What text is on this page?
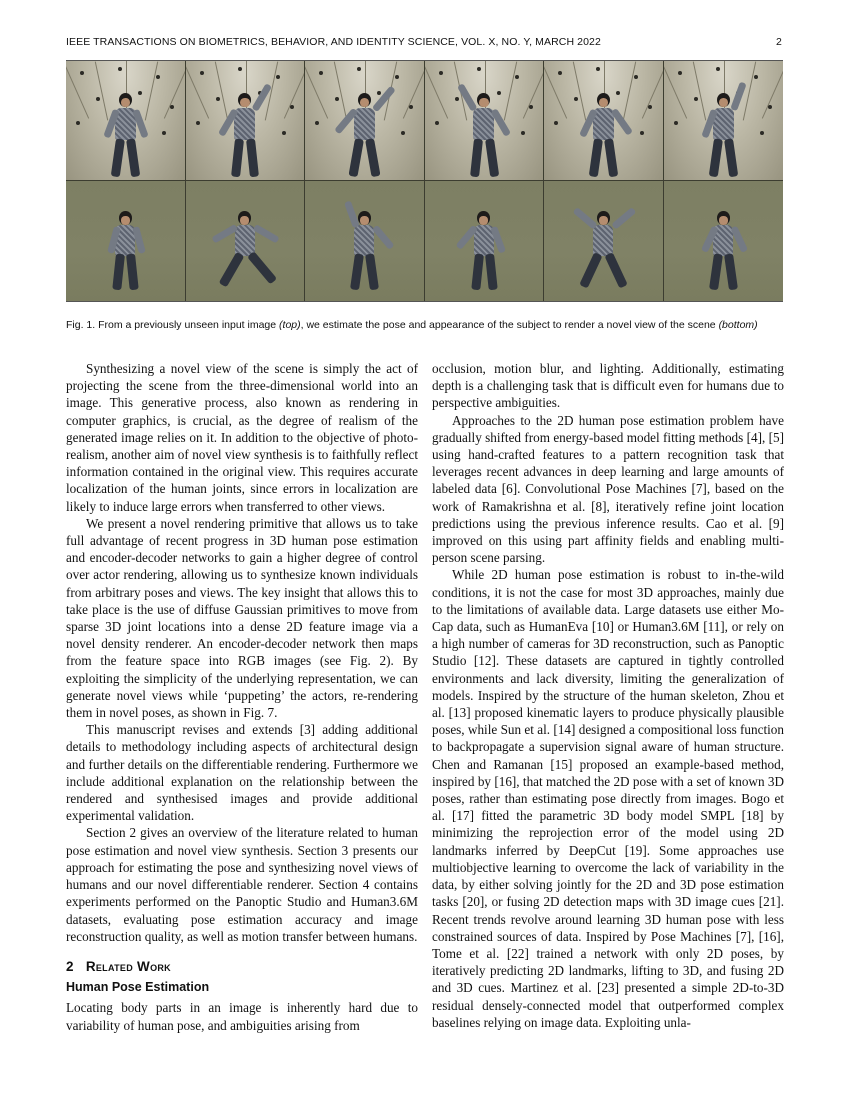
IEEE TRANSACTIONS ON BIOMETRICS, BEHAVIOR, AND IDENTITY SCIENCE, VOL. X, NO. Y, MARCH 2022	2
Fig. 1. From a previously unseen input image (top), we estimate the pose and appearance of the subject to render a novel view of the scene (bottom)

Synthesizing a novel view of the scene is simply the act of projecting the scene from the three-dimensional world into an image. This generative process, also known as rendering in computer graphics, is crucial, as the degree of realism of the generated image relies on it. In addition to the objective of photo-realism, another aim of novel view synthesis is to faithfully reflect information contained in the original view. This requires accurate localization of the human joints, since errors in localization are likely to induce large errors when transferred to other views.

We present a novel rendering primitive that allows us to take full advantage of recent progress in 3D human pose estimation and encoder-decoder networks to gain a higher degree of control over actor rendering, allowing us to synthesize known individuals from arbitrary poses and views. The key insight that allows this to take place is the use of diffuse Gaussian primitives to move from sparse 3D joint locations into a dense 2D feature image via a novel density renderer. An encoder-decoder network then maps from the feature space into RGB images (see Fig. 2). By exploiting the simplicity of the underlying representation, we can generate novel views while ‘puppeting’ the actors, re-rendering them in novel poses, as shown in Fig. 7.

This manuscript revises and extends [3] adding additional details to methodology including aspects of architectural design and further details on the differentiable rendering. Furthermore we include additional explanation on the relationship between the rendered and synthesised images and provide additional experimental validation.

Section 2 gives an overview of the literature related to human pose estimation and novel view synthesis. Section 3 presents our approach for estimating the pose and synthesizing novel views of humans and our novel differentiable renderer. Section 4 contains experiments performed on the Panoptic Studio and Human3.6M datasets, evaluating pose estimation accuracy and image reconstruction quality, as well as motion transfer between humans.

2 Related Work
Human Pose Estimation

Locating body parts in an image is inherently hard due to variability of human pose, and ambiguities arising from

occlusion, motion blur, and lighting. Additionally, estimating depth is a challenging task that is difficult even for humans due to perspective ambiguities.

Approaches to the 2D human pose estimation problem have gradually shifted from energy-based model fitting methods [4], [5] using hand-crafted features to a pattern recognition task that leverages recent advances in deep learning and large amounts of labeled data [6]. Convolutional Pose Machines [7], based on the work of Ramakrishna et al. [8], iteratively refine joint location predictions using the previous inference results. Cao et al. [9] improved on this using part affinity fields and enabling multi-person scene parsing.

While 2D human pose estimation is robust to in-the-wild conditions, it is not the case for most 3D approaches, mainly due to the limitations of available data. Large datasets use either Mo-Cap data, such as HumanEva [10] or Human3.6M [11], or rely on a high number of cameras for 3D reconstruction, such as Panoptic Studio [12]. These datasets are captured in tightly controlled environments and lack diversity, limiting the generalization of models. Inspired by the structure of the human skeleton, Zhou et al. [13] proposed kinematic layers to produce physically plausible poses, while Sun et al. [14] designed a compositional loss function to backpropagate a supervision signal aware of human structure. Chen and Ramanan [15] proposed an example-based method, inspired by [16], that matched the 2D pose with a set of known 3D poses, rather than estimating pose directly from images. Bogo et al. [17] fitted the parametric 3D body model SMPL [18] by minimizing the reprojection error of the model using 2D landmarks inferred by DeepCut [19]. Some approaches use multiobjective learning to overcome the lack of variability in the data, by either solving jointly for the 2D and 3D pose estimation tasks [20], or fusing 2D detection maps with 3D image cues [21]. Recent trends revolve around learning 3D human pose with less constrained sources of data. Inspired by Pose Machines [7], [16], Tome et al. [22] trained a network with only 2D poses, by iteratively predicting 2D landmarks, lifting to 3D, and fusing 2D and 3D cues. Martinez et al. [23] presented a simple 2D-to-3D residual densely-connected model that outperformed complex baselines relying on image data. Exploiting unla-
